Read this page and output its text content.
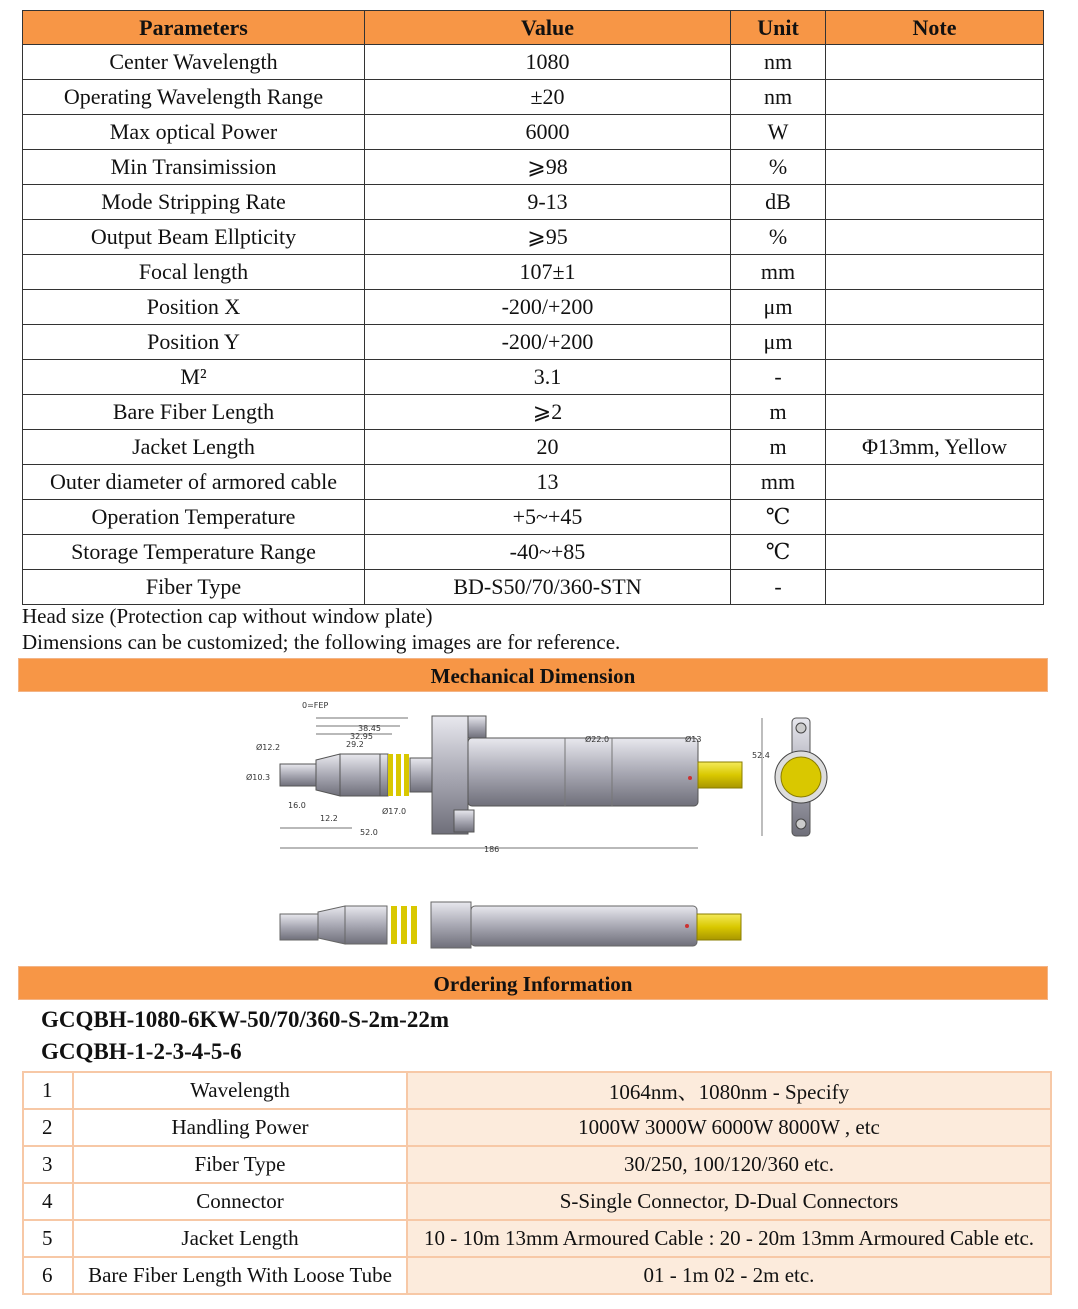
Parameters	Value	Unit	Note
Center Wavelength	1080	nm	
Operating Wavelength Range	±20	nm	
Max optical Power	6000	W	
Min Transimission	⩾98	%	
Mode Stripping Rate	9-13	dB	
Output Beam Ellpticity	⩾95	%	
Focal length	107±1	mm	
Position X	-200/+200	μm	
Position Y	-200/+200	μm	
M²	3.1	-	
Bare Fiber Length	⩾2	m	
Jacket Length	20	m	Φ13mm, Yellow
Outer diameter of armored cable	13	mm	
Operation Temperature	+5~+45	℃	
Storage Temperature Range	-40~+85	℃	
Fiber Type	BD-S50/70/360-STN	-	
Head size (Protection cap without window plate)
Dimensions can be customized; the following images are for reference.
Mechanical Dimension
0=FEP
38.45
32.95
29.2
Ø22.0	Ø13
Ø12.2
Ø10.3
Ø17.0
16.0
12.2
52.0
186
52.4
Ordering Information
GCQBH-1080-6KW-50/70/360-S-2m-22m
GCQBH-1-2-3-4-5-6
1	Wavelength	1064nm、1080nm - Specify
2	Handling Power	1000W 3000W 6000W 8000W , etc
3	Fiber Type	30/250, 100/120/360 etc.
4	Connector	S-Single Connector, D-Dual Connectors
5	Jacket Length	10 - 10m 13mm Armoured Cable : 20 - 20m 13mm Armoured Cable etc.
6	Bare Fiber Length With Loose Tube	01 - 1m 02 - 2m etc.
